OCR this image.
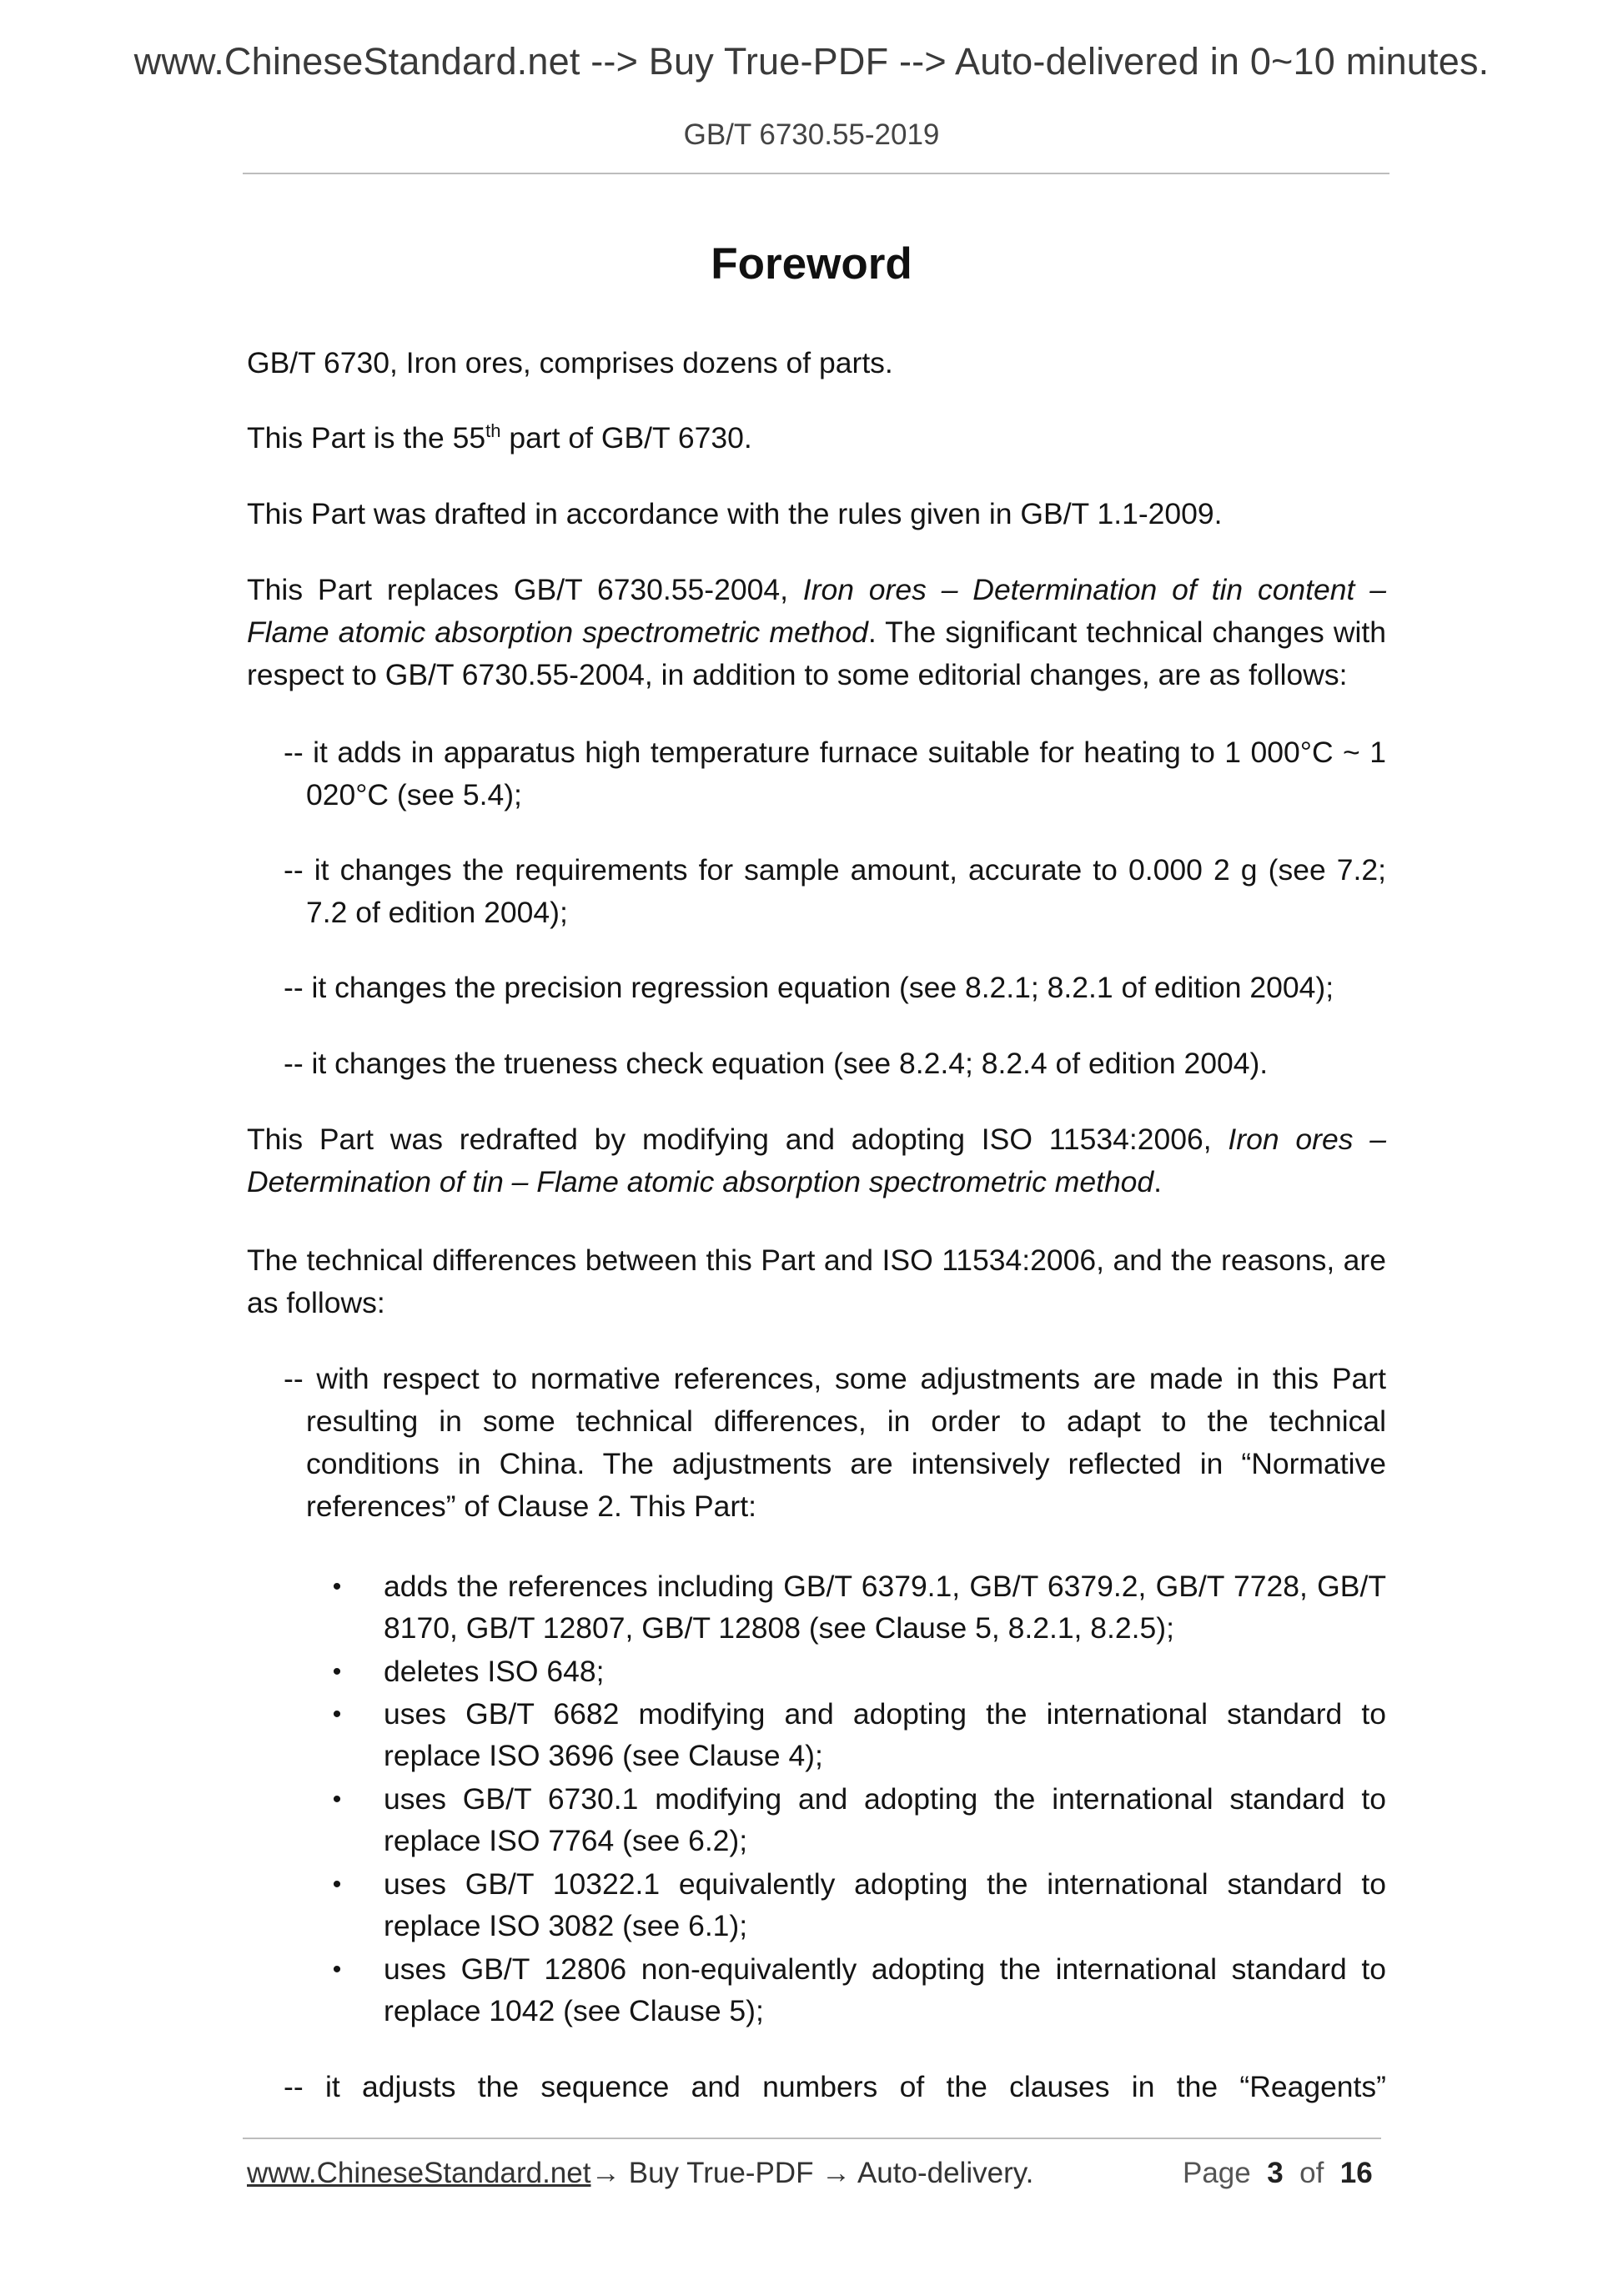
www.ChineseStandard.net --> Buy True-PDF --> Auto-delivered in 0~10 minutes.
GB/T 6730.55-2019
Foreword
GB/T 6730, Iron ores, comprises dozens of parts.
This Part is the 55th part of GB/T 6730.
This Part was drafted in accordance with the rules given in GB/T 1.1-2009.
This Part replaces GB/T 6730.55-2004, Iron ores – Determination of tin content – Flame atomic absorption spectrometric method. The significant technical changes with respect to GB/T 6730.55-2004, in addition to some editorial changes, are as follows:
-- it adds in apparatus high temperature furnace suitable for heating to 1 000°C ~ 1 020°C (see 5.4);
-- it changes the requirements for sample amount, accurate to 0.000 2 g (see 7.2; 7.2 of edition 2004);
-- it changes the precision regression equation (see 8.2.1; 8.2.1 of edition 2004);
-- it changes the trueness check equation (see 8.2.4; 8.2.4 of edition 2004).
This Part was redrafted by modifying and adopting ISO 11534:2006, Iron ores – Determination of tin – Flame atomic absorption spectrometric method.
The technical differences between this Part and ISO 11534:2006, and the reasons, are as follows:
-- with respect to normative references, some adjustments are made in this Part resulting in some technical differences, in order to adapt to the technical conditions in China. The adjustments are intensively reflected in “Normative references” of Clause 2. This Part:
• adds the references including GB/T 6379.1, GB/T 6379.2, GB/T 7728, GB/T 8170, GB/T 12807, GB/T 12808 (see Clause 5, 8.2.1, 8.2.5);
• deletes ISO 648;
• uses GB/T 6682 modifying and adopting the international standard to replace ISO 3696 (see Clause 4);
• uses GB/T 6730.1 modifying and adopting the international standard to replace ISO 7764 (see 6.2);
• uses GB/T 10322.1 equivalently adopting the international standard to replace ISO 3082 (see 6.1);
• uses GB/T 12806 non-equivalently adopting the international standard to replace 1042 (see Clause 5);
-- it adjusts the sequence and numbers of the clauses in the “Reagents”
www.ChineseStandard.net → Buy True-PDF → Auto-delivery.	Page 3 of 16
